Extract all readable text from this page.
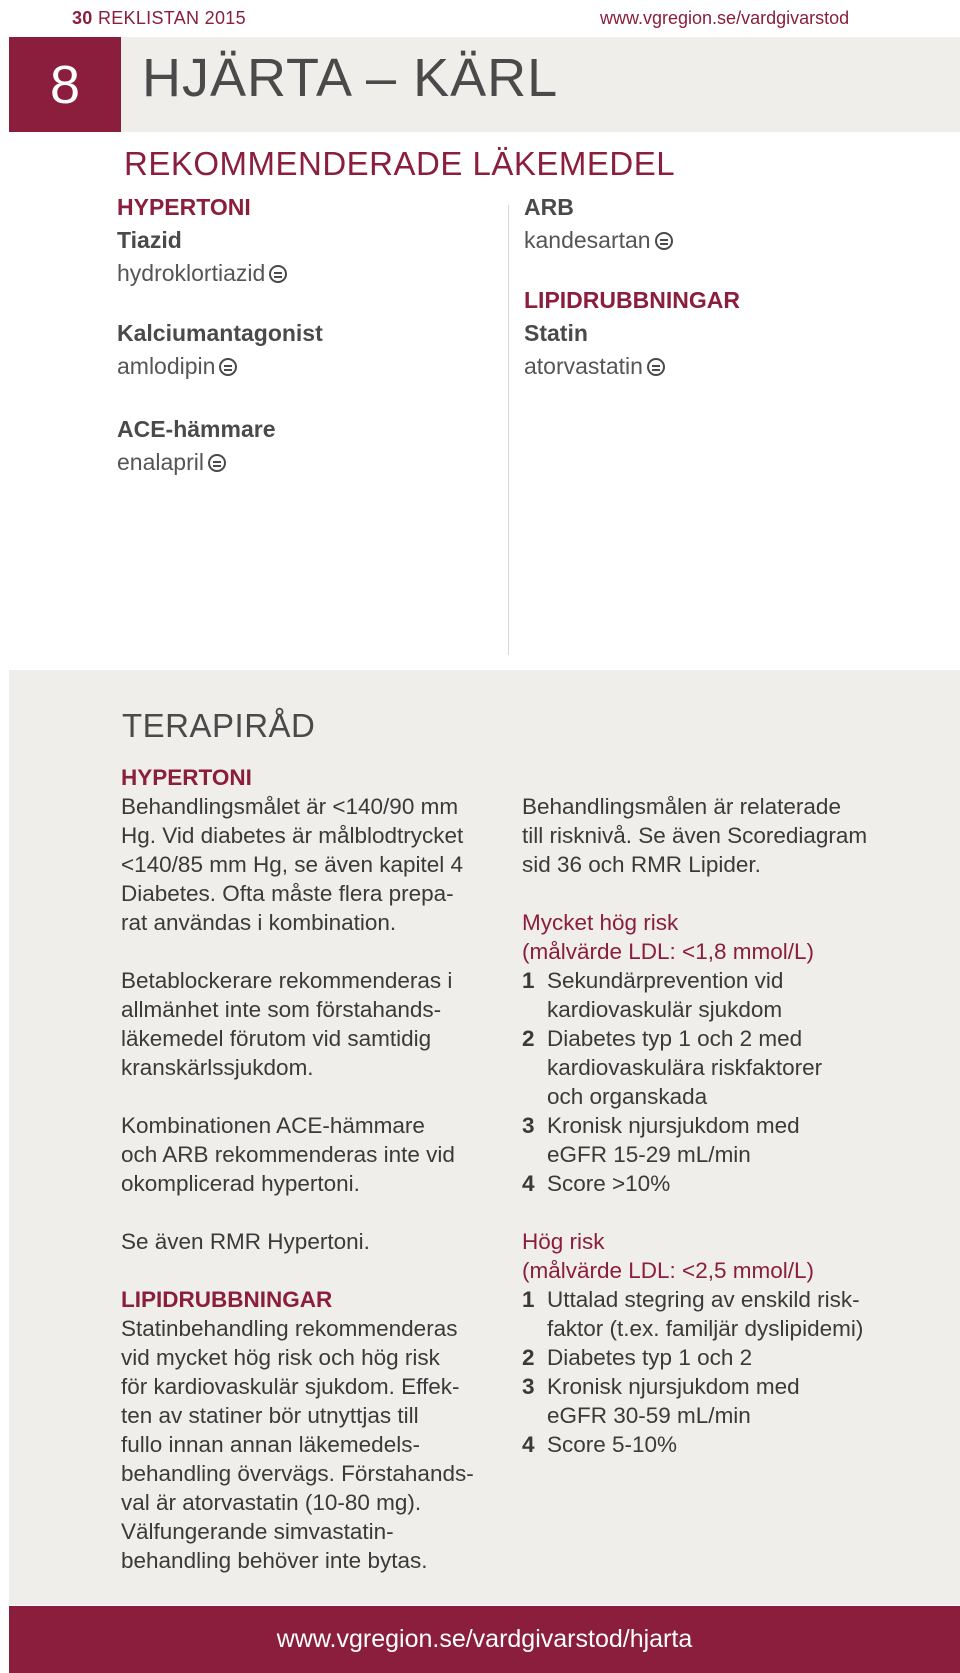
30 REKLISTAN 2015	www.vgregion.se/vardgivarstod
8	HJÄRTA – KÄRL
REKOMMENDERADE LÄKEMEDEL
HYPERTONI
Tiazid
hydroklortiazid
Kalciumantagonist
amlodipin
ACE-hämmare
enalapril
ARB
kandesartan
LIPIDRUBBNINGAR
Statin
atorvastatin
TERAPIRÅD

HYPERTONI

Behandlingsmålet är <140/90 mm
Hg. Vid diabetes är målblodtrycket
<140/85 mm Hg, se även kapitel 4
Diabetes. Ofta måste flera prepa-
rat användas i kombination.

Betablockerare rekommenderas i
allmänhet inte som förstahands-
läkemedel förutom vid samtidig
kranskärlssjukdom.

Kombinationen ACE-hämmare
och ARB rekommenderas inte vid
okomplicerad hypertoni.

Se även RMR Hypertoni.

LIPIDRUBBNINGAR

Statinbehandling rekommenderas
vid mycket hög risk och hög risk
för kardiovaskulär sjukdom. Effek-
ten av statiner bör utnyttjas till
fullo innan annan läkemedels-
behandling övervägs. Förstahands-
val är atorvastatin (10-80 mg).
Välfungerande simvastatin-
behandling behöver inte bytas.

Behandlingsmålen är relaterade
till risknivå. Se även Scorediagram
sid 36 och RMR Lipider.

Mycket hög risk

(målvärde LDL: <1,8 mmol/L)

1 Sekundärprevention vid
kardiovaskulär sjukdom
2 Diabetes typ 1 och 2 med
kardiovaskulära riskfaktorer
och organskada
3 Kronisk njursjukdom med
eGFR 15-29 mL/min
4 Score >10%

Hög risk

(målvärde LDL: <2,5 mmol/L)

1 Uttalad stegring av enskild risk-
faktor (t.ex. familjär dyslipidemi)
2 Diabetes typ 1 och 2
3 Kronisk njursjukdom med
eGFR 30-59 mL/min
4 Score 5-10%
www.vgregion.se/vardgivarstod/hjarta
